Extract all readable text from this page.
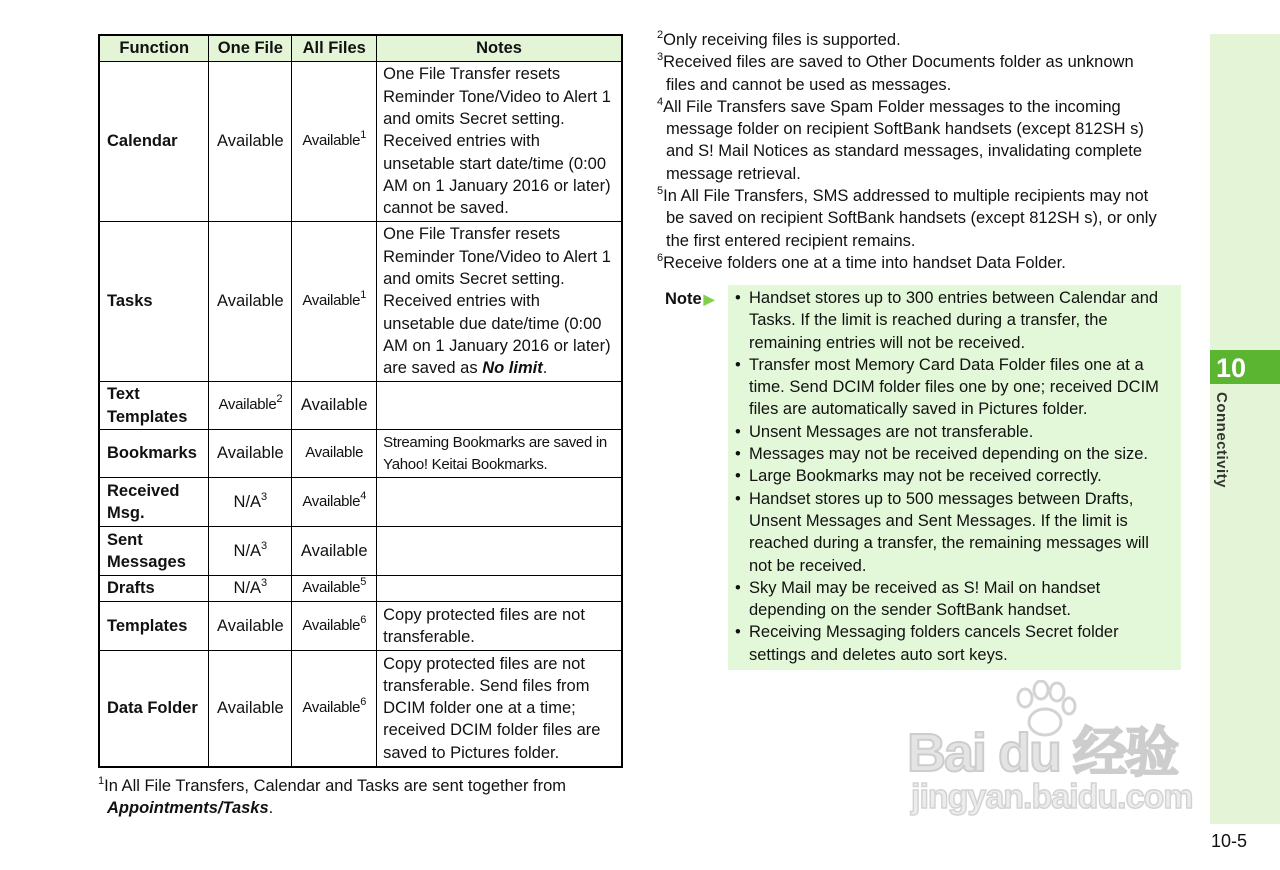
Function	One File	All Files	Notes
Calendar	Available	Available$^1$	One File Transfer resets Reminder Tone/Video to Alert 1 and omits Secret setting. Received entries with unsetable start date/time (0:00 AM on 1 January 2016 or later) cannot be saved.
Tasks	Available	Available$^1$	One File Transfer resets Reminder Tone/Video to Alert 1 and omits Secret setting. Received entries with unsetable due date/time (0:00 AM on 1 January 2016 or later) are saved as No limit.
Text Templates	Available$^2$	Available	
Bookmarks	Available	Available	Streaming Bookmarks are saved in Yahoo! Keitai Bookmarks.
Received Msg.	$N/A^3$	Available$^4$	
Sent Messages	$N/A^3$	Available	
Drafts	$N/A^3$	Available$^5$	
Templates	Available	Available$^6$	Copy protected files are not transferable.
Data Folder	Available	Available$^6$	Copy protected files are not transferable. Send files from DCIM folder one at a time; received DCIM folder files are saved to Pictures folder.
$^1$In All File Transfers, Calendar and Tasks are sent together from
Appointments/Tasks.
$^2$Only receiving files is supported.
$^3$Received files are saved to Other Documents folder as unknown
files and cannot be used as messages.
$^4$All File Transfers save Spam Folder messages to the incoming
message folder on recipient SoftBank handsets (except 812SH s)
and S! Mail Notices as standard messages, invalidating complete
message retrieval.
$^5$In All File Transfers, SMS addressed to multiple recipients may not
be saved on recipient SoftBank handsets (except 812SH s), or only
the first entered recipient remains.
$^6$Receive folders one at a time into handset Data Folder.
Note ▶	• Handset stores up to 300 entries between Calendar and Tasks. If the limit is reached during a transfer, the remaining entries will not be received.
• Transfer most Memory Card Data Folder files one at a time. Send DCIM folder files one by one; received DCIM files are automatically saved in Pictures folder.
• Unsent Messages are not transferable.
• Messages may not be received depending on the size.
• Large Bookmarks may not be received correctly.
• Handset stores up to 500 messages between Drafts, Unsent Messages and Sent Messages. If the limit is reached during a transfer, the remaining messages will not be received.
• Sky Mail may be received as S! Mail on handset depending on the sender SoftBank handset.
• Receiving Messaging folders cancels Secret folder settings and deletes auto sort keys.
10
Connectivity
10-5
Bai du 经验
jingyan.baidu.com
